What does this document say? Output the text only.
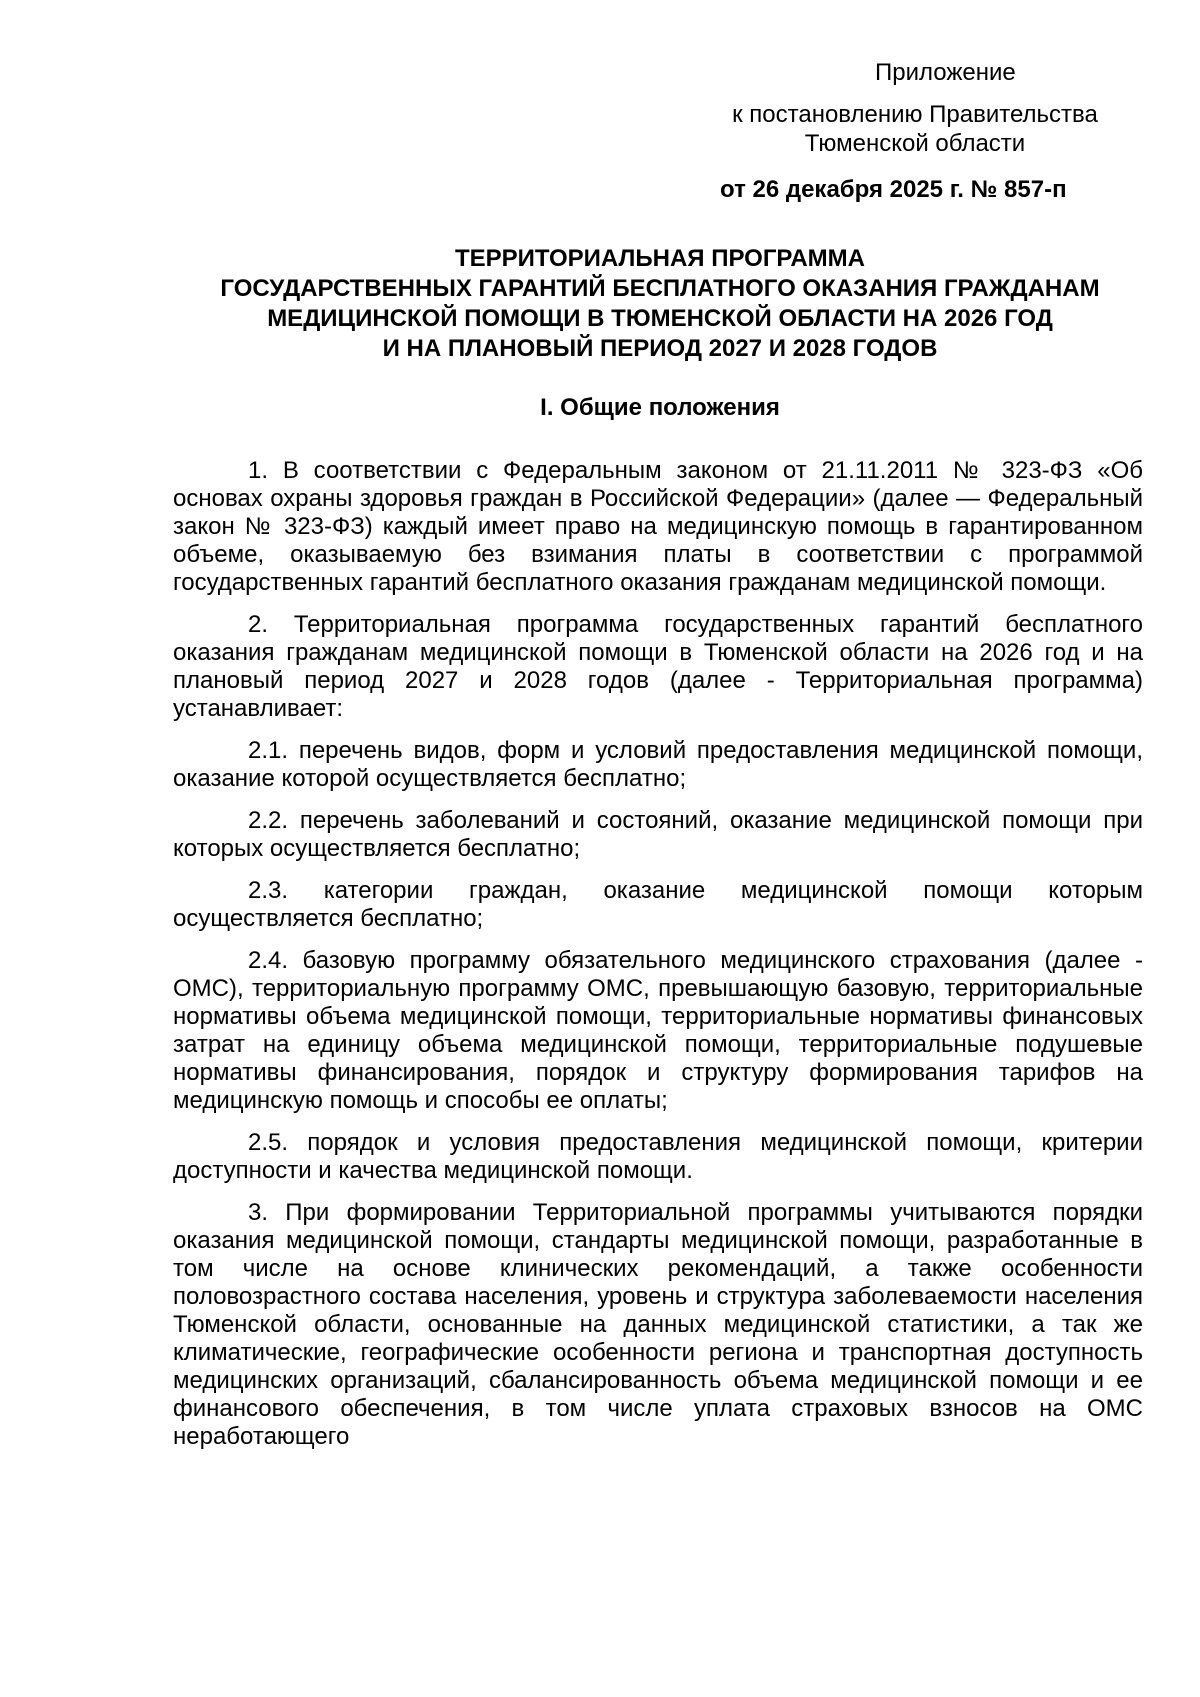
Приложение
к постановлению Правительства Тюменской области
от 26 декабря 2025 г. № 857-п
ТЕРРИТОРИАЛЬНАЯ ПРОГРАММА
ГОСУДАРСТВЕННЫХ ГАРАНТИЙ БЕСПЛАТНОГО ОКАЗАНИЯ ГРАЖДАНАМ
МЕДИЦИНСКОЙ ПОМОЩИ В ТЮМЕНСКОЙ ОБЛАСТИ НА 2026 ГОД
И НА ПЛАНОВЫЙ ПЕРИОД 2027 И 2028 ГОДОВ
I. Общие положения

1. В соответствии с Федеральным законом от 21.11.2011 № 323-ФЗ «Об основах охраны здоровья граждан в Российской Федерации» (далее — Федеральный закон № 323-ФЗ) каждый имеет право на медицинскую помощь в гарантированном объеме, оказываемую без взимания платы в соответствии с программой государственных гарантий бесплатного оказания гражданам медицинской помощи.

2. Территориальная программа государственных гарантий бесплатного оказания гражданам медицинской помощи в Тюменской области на 2026 год и на плановый период 2027 и 2028 годов (далее - Территориальная программа) устанавливает:

2.1. перечень видов, форм и условий предоставления медицинской помощи, оказание которой осуществляется бесплатно;

2.2. перечень заболеваний и состояний, оказание медицинской помощи при которых осуществляется бесплатно;

2.3. категории граждан, оказание медицинской помощи которым осуществляется бесплатно;

2.4. базовую программу обязательного медицинского страхования (далее - ОМС), территориальную программу ОМС, превышающую базовую, территориальные нормативы объема медицинской помощи, территориальные нормативы финансовых затрат на единицу объема медицинской помощи, территориальные подушевые нормативы финансирования, порядок и структуру формирования тарифов на медицинскую помощь и способы ее оплаты;

2.5. порядок и условия предоставления медицинской помощи, критерии доступности и качества медицинской помощи.

3. При формировании Территориальной программы учитываются порядки оказания медицинской помощи, стандарты медицинской помощи, разработанные в том числе на основе клинических рекомендаций, а также особенности половозрастного состава населения, уровень и структура заболеваемости населения Тюменской области, основанные на данных медицинской статистики, а так же климатические, географические особенности региона и транспортная доступность медицинских организаций, сбалансированность объема медицинской помощи и ее финансового обеспечения, в том числе уплата страховых взносов на ОМС неработающего
